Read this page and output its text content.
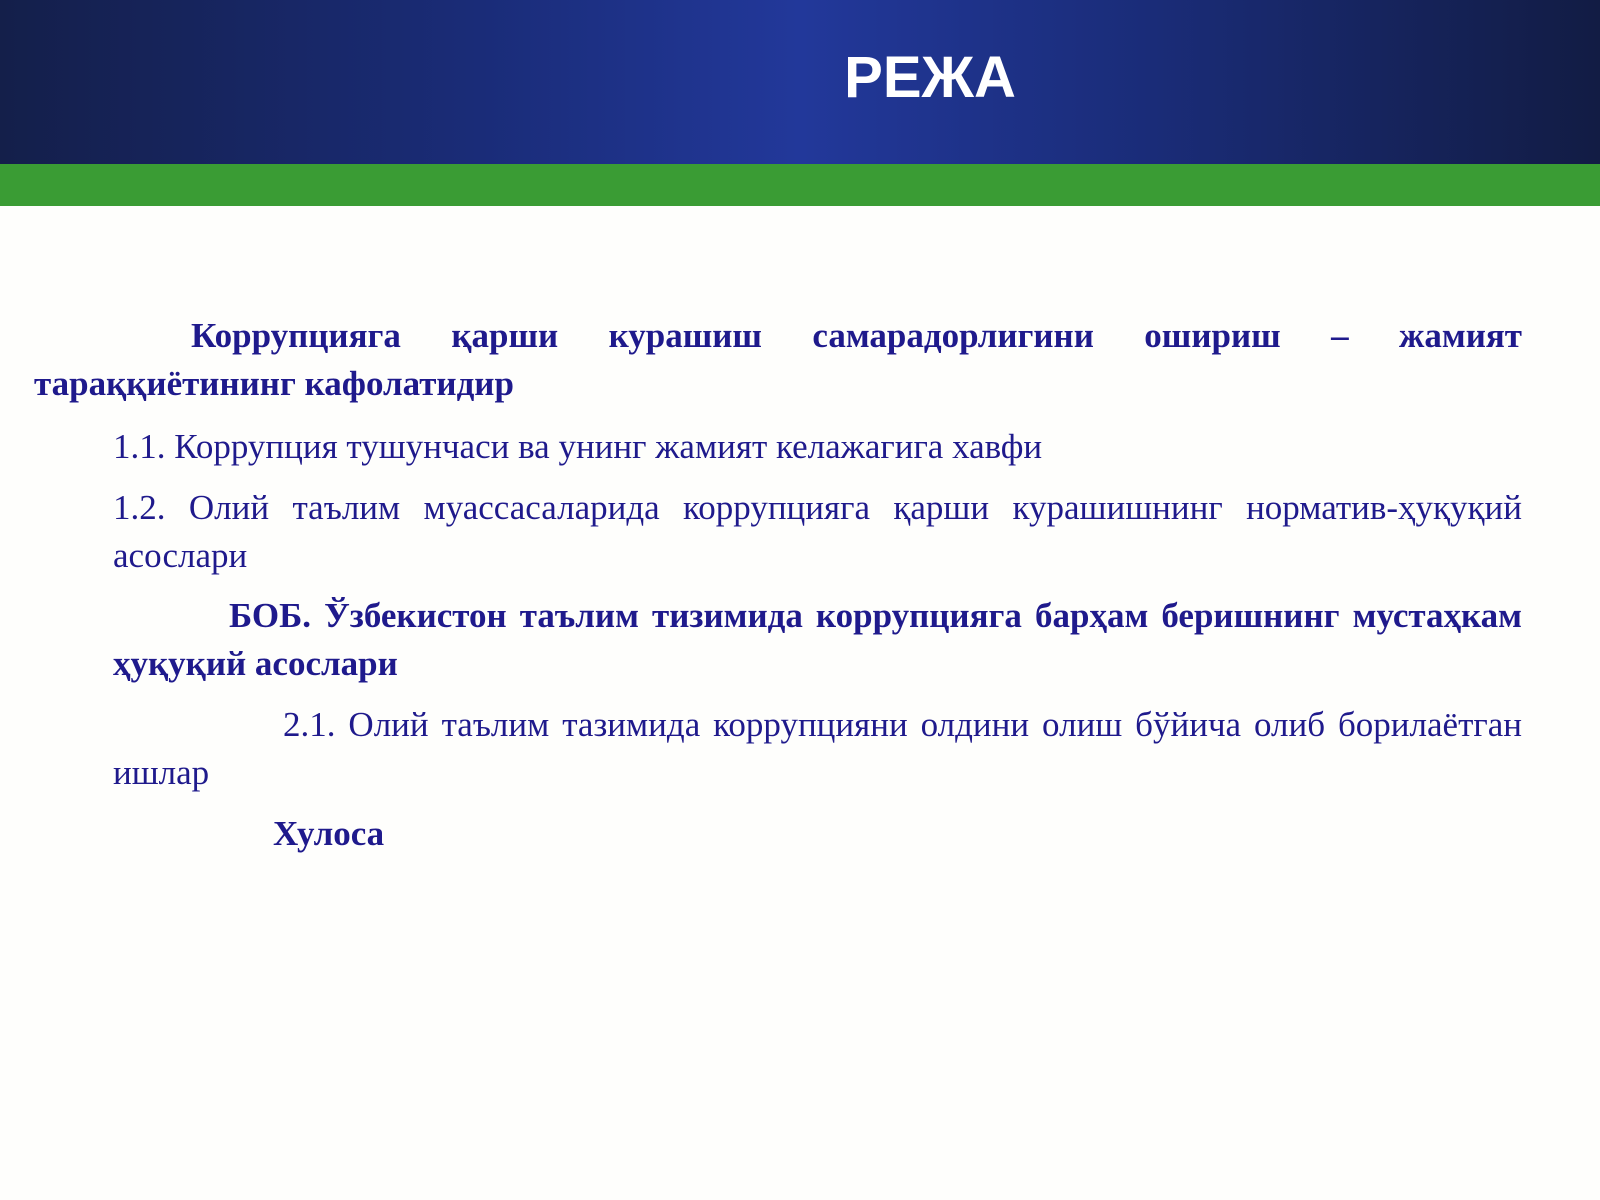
РЕЖА

Коррупцияга қарши курашиш самарадорлигини ошириш – жамият тараққиётининг кафолатидир

1.1. Коррупция тушунчаси ва унинг жамият келажагига хавфи

1.2. Олий таълим муассасаларида коррупцияга қарши курашишнинг норматив-ҳуқуқий асослари

БОБ. Ўзбекистон таълим тизимида коррупцияга барҳам беришнинг мустаҳкам ҳуқуқий асослари

2.1. Олий таълим тазимида коррупцияни олдини олиш бўйича олиб борилаётган ишлар

Хулоса
